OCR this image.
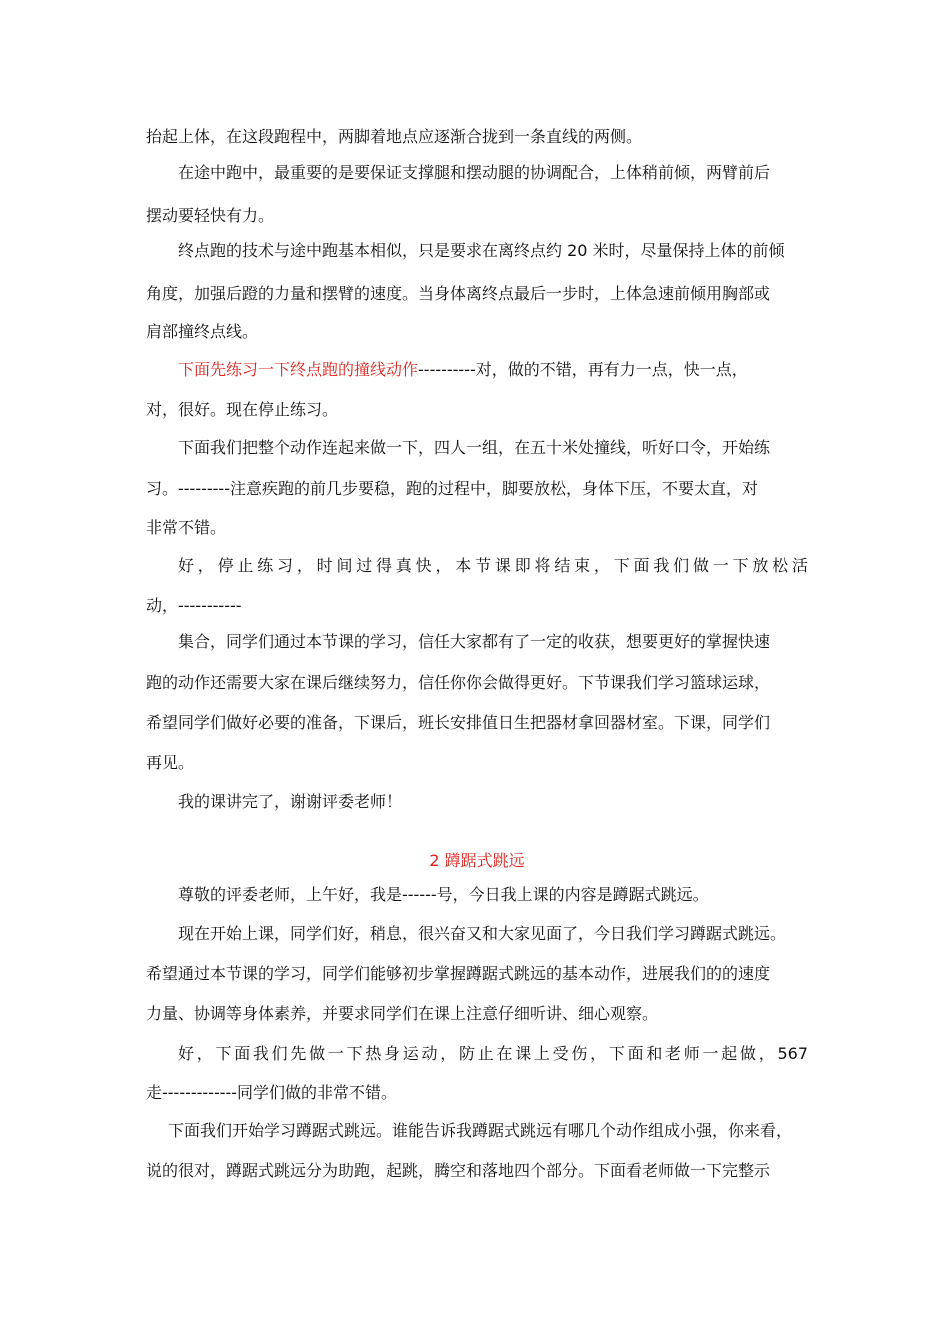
抬起上体，在这段跑程中，两脚着地点应逐渐合拢到一条直线的两侧。
在途中跑中，最重要的是要保证支撑腿和摆动腿的协调配合，上体稍前倾，两臂前后
摆动要轻快有力。
终点跑的技术与途中跑基本相似，只是要求在离终点约 20 米时，尽量保持上体的前倾
角度，加强后蹬的力量和摆臂的速度。当身体离终点最后一步时，上体急速前倾用胸部或
肩部撞终点线。
下面先练习一下终点跑的撞线动作----------对，做的不错，再有力一点，快一点，
对，很好。现在停止练习。
下面我们把整个动作连起来做一下，四人一组，在五十米处撞线，听好口令，开始练
习。---------注意疾跑的前几步要稳，跑的过程中，脚要放松，身体下压，不要太直，对
非常不错。
好，停止练习，时间过得真快，本节课即将结束，下面我们做一下放松活
动，-----------
集合，同学们通过本节课的学习，信任大家都有了一定的收获，想要更好的掌握快速
跑的动作还需要大家在课后继续努力，信任你你会做得更好。下节课我们学习篮球运球，
希望同学们做好必要的准备，下课后，班长安排值日生把器材拿回器材室。下课，同学们
再见。
我的课讲完了，谢谢评委老师！
2 蹲踞式跳远
尊敬的评委老师，上午好，我是------号，今日我上课的内容是蹲踞式跳远。
现在开始上课，同学们好，稍息，很兴奋又和大家见面了，今日我们学习蹲踞式跳远。
希望通过本节课的学习，同学们能够初步掌握蹲踞式跳远的基本动作，进展我们的的速度
力量、协调等身体素养，并要求同学们在课上注意仔细听讲、细心观察。
好，下面我们先做一下热身运动，防止在课上受伤，下面和老师一起做，567
走-------------同学们做的非常不错。
下面我们开始学习蹲踞式跳远。谁能告诉我蹲踞式跳远有哪几个动作组成小强，你来看，
说的很对，蹲踞式跳远分为助跑，起跳，腾空和落地四个部分。下面看老师做一下完整示
